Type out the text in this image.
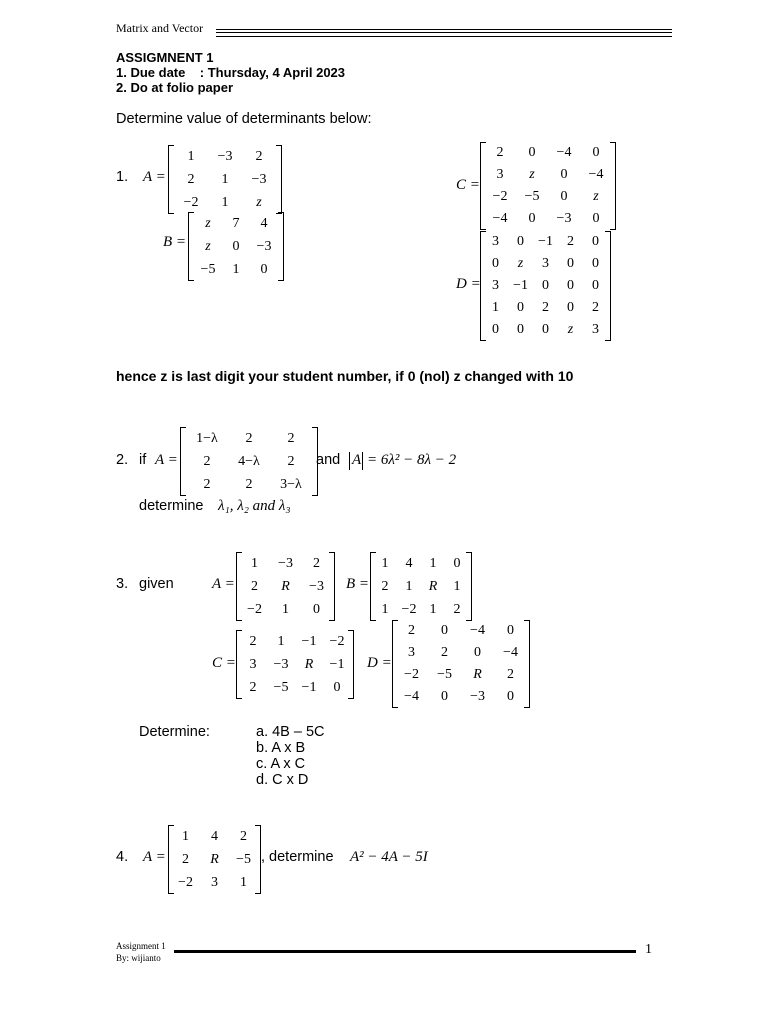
Matrix and Vector
ASSIGMNENT 1
1. Due date    : Thursday, 4 April 2023
2. Do at folio paper
Determine value of determinants below:
1. A =
1	−3	2
2	1	−3
−2	1	z
B =
z	7	4
z	0	−3
−5	1	0
C =
2	0	−4	0
3	z	0	−4
−2	−5	0	z
−4	0	−3	0
D =
3	0	−1	2	0
0	z	3	0	0
3	−1	0	0	0
1	0	2	0	2
0	0	0	z	3
hence z is last digit your student number, if 0 (nol) z changed with 10
2. if A =
1−λ	2	2
2	4−λ	2
2	2	3−λ
and A = 6λ² − 8λ − 2
determine λ₁, λ₂ and λ₃
3. given	A =
1	−3	2
2	R	−3
−2	1	0
B =
1	4	1	0
2	1	R	1
1	−2	1	2
C =
2	1	−1	−2
3	−3	R	−1
2	−5	−1	0
D =
2	0	−4	0
3	2	0	−4
−2	−5	R	2
−4	0	−3	0
Determine:	a. 4B – 5C
b. A x B
c. A x C
d. C x D
4. A =
1	4	2
2	R	−5
−2	3	1
, determine A² − 4A − 5I
Assignment 1
By: wijianto
1
